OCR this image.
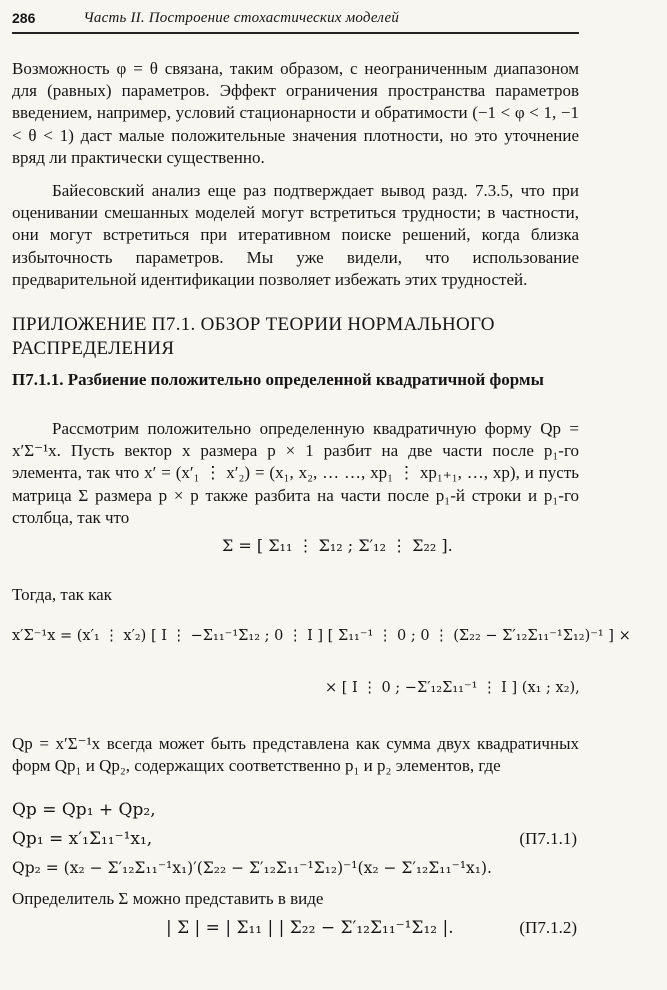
286	Часть II. Построение стохастических моделей
Возможность φ = θ связана, таким образом, с неограниченным диапазоном для (равных) параметров. Эффект ограничения пространства параметров введением, например, условий стационарности и обратимости (−1 < φ < 1, −1 < θ < 1) даст малые положительные значения плотности, но это уточнение вряд ли практически существенно.
Байесовский анализ еще раз подтверждает вывод разд. 7.3.5, что при оценивании смешанных моделей могут встретиться трудности; в частности, они могут встретиться при итеративном поиске решений, когда близка избыточность параметров. Мы уже видели, что использование предварительной идентификации позволяет избежать этих трудностей.
ПРИЛОЖЕНИЕ П7.1. ОБЗОР ТЕОРИИ НОРМАЛЬНОГО РАСПРЕДЕЛЕНИЯ
П7.1.1. Разбиение положительно определенной квадратичной формы
Рассмотрим положительно определенную квадратичную форму Qp = x′Σ⁻¹x. Пусть вектор x размера p × 1 разбит на две части после p₁-го элемента, так что x′ = (x′₁ ⋮ x′₂) = (x₁, x₂, … …, xp₁ ⋮ xp₁₊₁, …, xp), и пусть матрица Σ размера p × p также разбита на части после p₁-й строки и p₁-го столбца, так что
Σ = [ Σ₁₁ ⋮ Σ₁₂ ; Σ′₁₂ ⋮ Σ₂₂ ].
Тогда, так как
x′Σ⁻¹x = (x′₁ ⋮ x′₂) [ I ⋮ −Σ₁₁⁻¹Σ₁₂ ; 0 ⋮ I ] [ Σ₁₁⁻¹ ⋮ 0 ; 0 ⋮ (Σ₂₂ − Σ′₁₂Σ₁₁⁻¹Σ₁₂)⁻¹ ] ×
× [ I ⋮ 0 ; −Σ′₁₂Σ₁₁⁻¹ ⋮ I ] (x₁ ; x₂),
Qp = x′Σ⁻¹x всегда может быть представлена как сумма двух квадратичных форм Qp₁ и Qp₂, содержащих соответственно p₁ и p₂ элементов, где
Qp = Qp₁ + Qp₂,
Qp₁ = x′₁Σ₁₁⁻¹x₁,	(П7.1.1)
Qp₂ = (x₂ − Σ′₁₂Σ₁₁⁻¹x₁)′(Σ₂₂ − Σ′₁₂Σ₁₁⁻¹Σ₁₂)⁻¹(x₂ − Σ′₁₂Σ₁₁⁻¹x₁).
Определитель Σ можно представить в виде
| Σ | = | Σ₁₁ | | Σ₂₂ − Σ′₁₂Σ₁₁⁻¹Σ₁₂ |.	(П7.1.2)
